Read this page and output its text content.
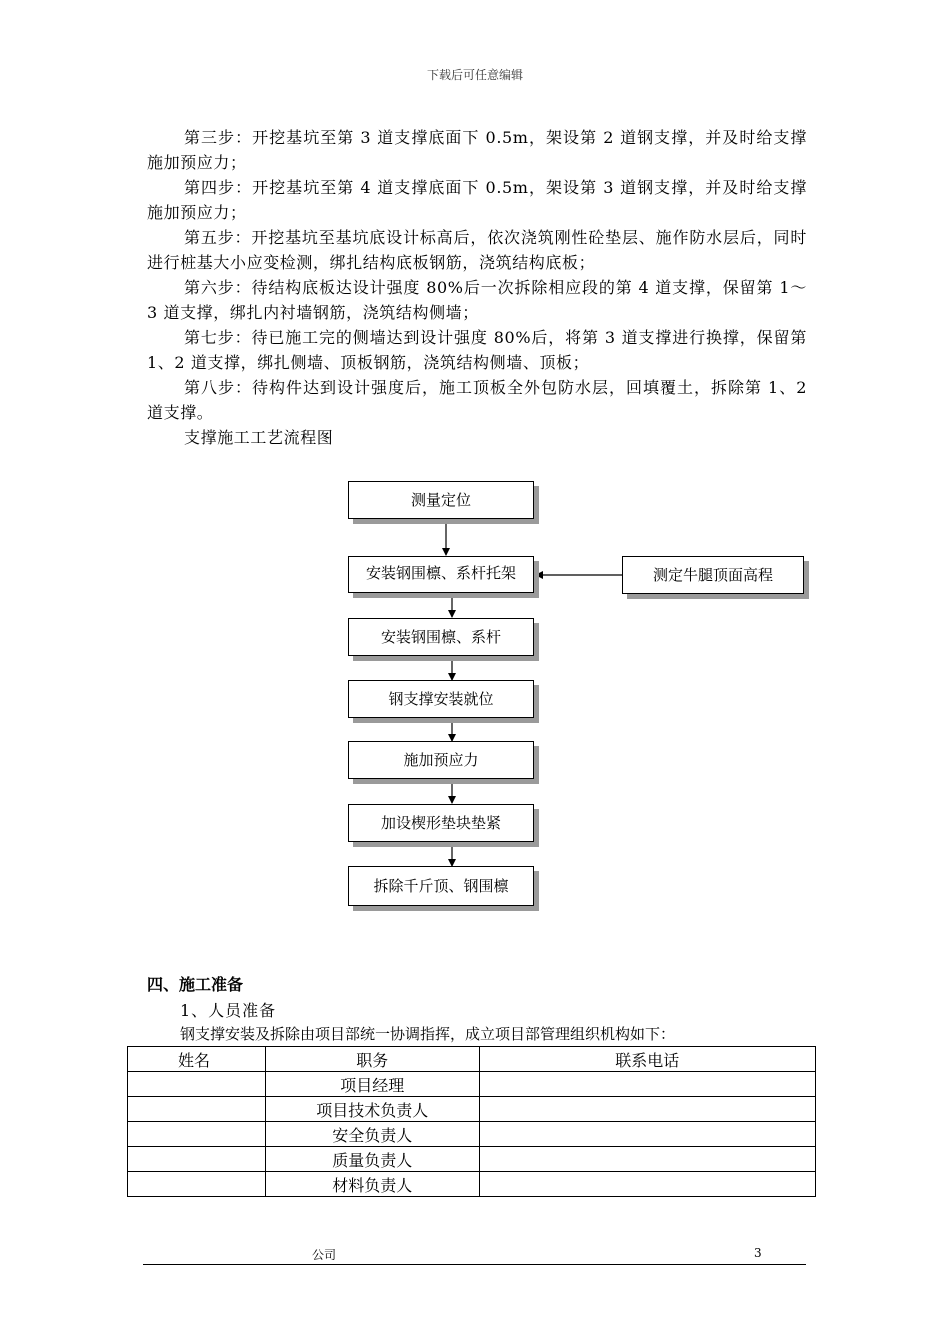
下载后可任意编辑

第三步：开挖基坑至第 3 道支撑底面下 0.5m，架设第 2 道钢支撑，并及时给支撑施加预应力；

第四步：开挖基坑至第 4 道支撑底面下 0.5m，架设第 3 道钢支撑，并及时给支撑施加预应力；

第五步：开挖基坑至基坑底设计标高后，依次浇筑刚性砼垫层、施作防水层后，同时进行桩基大小应变检测，绑扎结构底板钢筋，浇筑结构底板；

第六步：待结构底板达设计强度 80%后一次拆除相应段的第 4 道支撑，保留第 1～3 道支撑，绑扎内衬墙钢筋，浇筑结构侧墙；

第七步：待已施工完的侧墙达到设计强度 80%后，将第 3 道支撑进行换撑，保留第 1、2 道支撑，绑扎侧墙、顶板钢筋，浇筑结构侧墙、顶板；

第八步：待构件达到设计强度后，施工顶板全外包防水层，回填覆土，拆除第 1、2 道支撑。

支撑施工工艺流程图

测量定位
安装钢围檩、系杆托架
安装钢围檩、系杆
钢支撑安装就位
施加预应力
加设楔形垫块垫紧
拆除千斤顶、钢围檩
测定牛腿顶面高程
四、施工准备
1、人员准备
钢支撑安装及拆除由项目部统一协调指挥，成立项目部管理组织机构如下：
姓名	职务	联系电话
	项目经理	
	项目技术负责人	
	安全负责人	
	质量负责人	
	材料负责人	
公司	3
